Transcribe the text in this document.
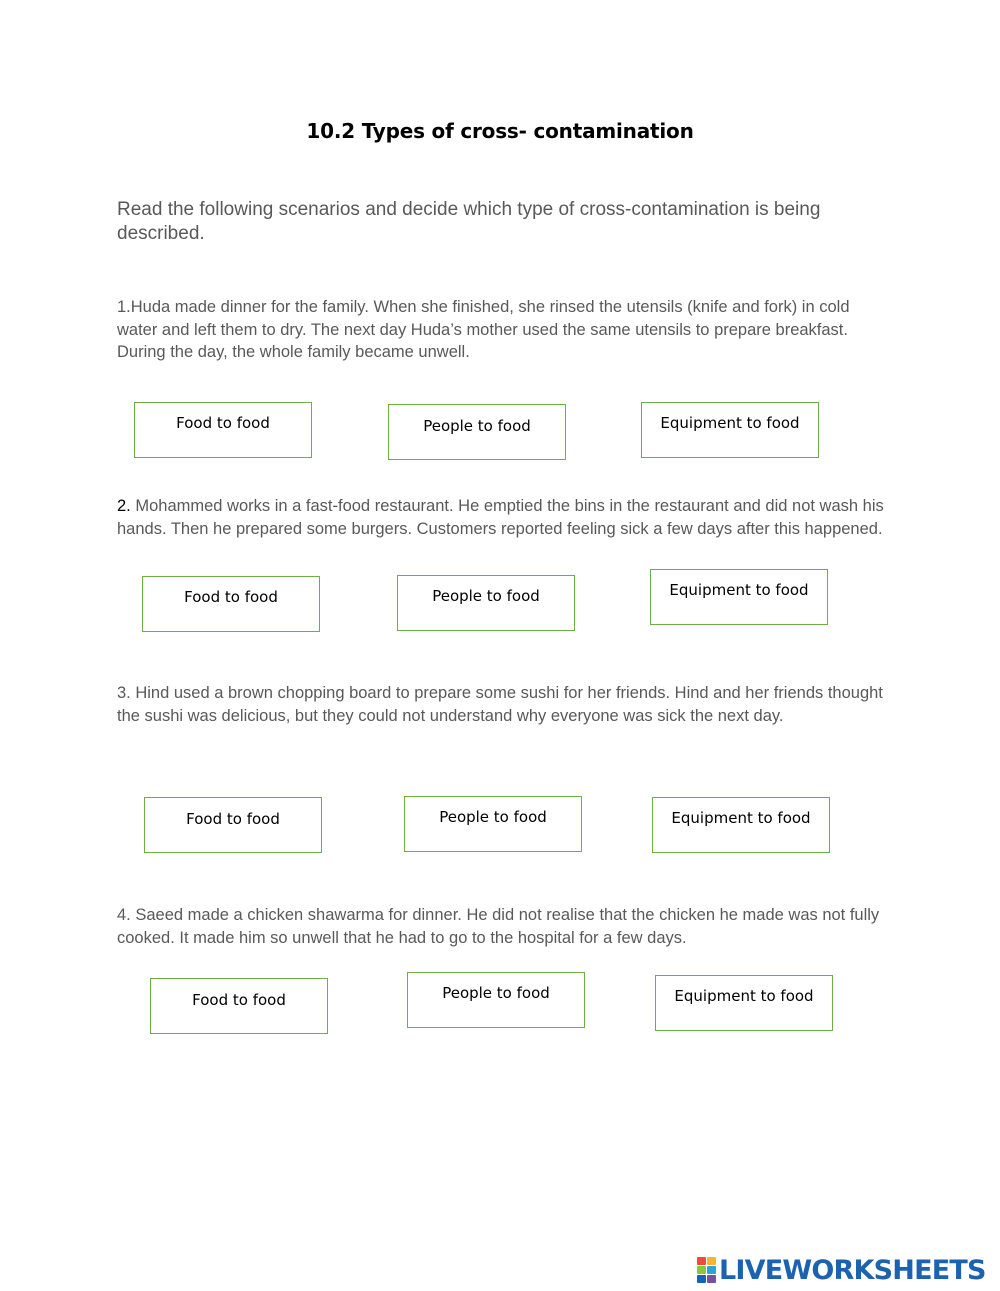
10.2 Types of cross- contamination
Read the following scenarios and decide which type of cross-contamination is being described.
1.Huda made dinner for the family. When she finished, she rinsed the utensils (knife and fork) in cold water and left them to dry. The next day Huda’s mother used the same utensils to prepare breakfast. During the day, the whole family became unwell.
Food to food	People to food	Equipment to food
2. Mohammed works in a fast-food restaurant. He emptied the bins in the restaurant and did not wash his hands. Then he prepared some burgers. Customers reported feeling sick a few days after this happened.
Food to food	People to food	Equipment to food
3. Hind used a brown chopping board to prepare some sushi for her friends. Hind and her friends thought the sushi was delicious, but they could not understand why everyone was sick the next day.
Food to food	People to food	Equipment to food
4. Saeed made a chicken shawarma for dinner. He did not realise that the chicken he made was not fully cooked. It made him so unwell that he had to go to the hospital for a few days.
Food to food	People to food	Equipment to food
LIVEWORKSHEETS
